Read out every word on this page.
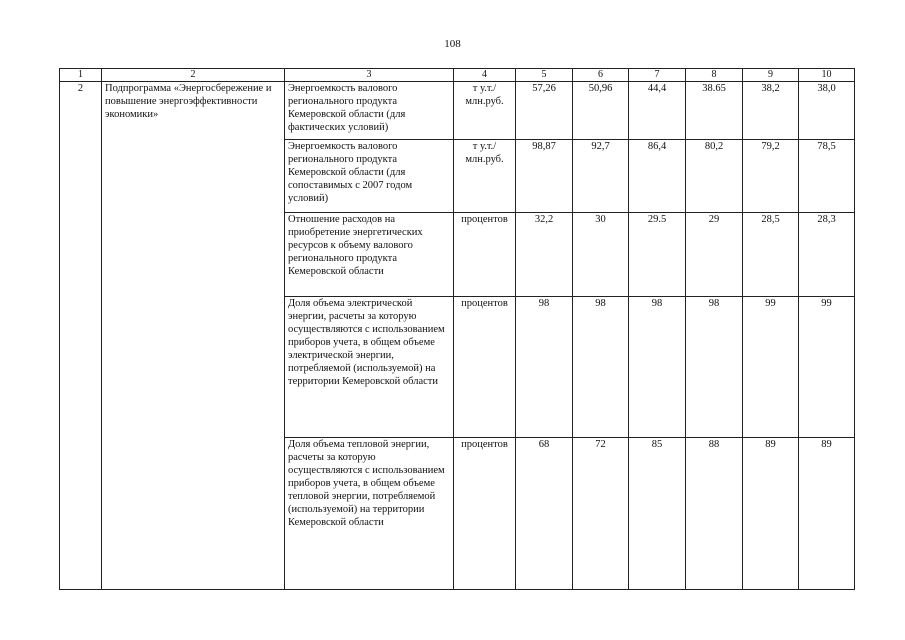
108
1	2	3	4	5	6	7	8	9	10
2	Подпрограмма «Энергосбережение и повышение энергоэффективности экономики»	Энергоемкость валового регионального продукта Кемеровской области (для фактических условий)	т у.т./ млн.руб.	57,26	50,96	44,4	38.65	38,2	38,0
		Энергоемкость валового регионального продукта Кемеровской области (для сопоставимых с 2007 годом условий)	т у.т./ млн.руб.	98,87	92,7	86,4	80,2	79,2	78,5
		Отношение расходов на приобретение энергетических ресурсов к объему валового регионального продукта Кемеровской области	процентов	32,2	30	29.5	29	28,5	28,3
		Доля объема электрической энергии, расчеты за которую осуществляются с использованием приборов учета, в общем объеме электрической энергии, потребляемой (используемой) на территории Кемеровской области	процентов	98	98	98	98	99	99
		Доля объема тепловой энергии, расчеты за которую осуществляются с использованием приборов учета, в общем объеме тепловой энергии, потребляемой (используемой) на территории Кемеровской области	процентов	68	72	85	88	89	89
